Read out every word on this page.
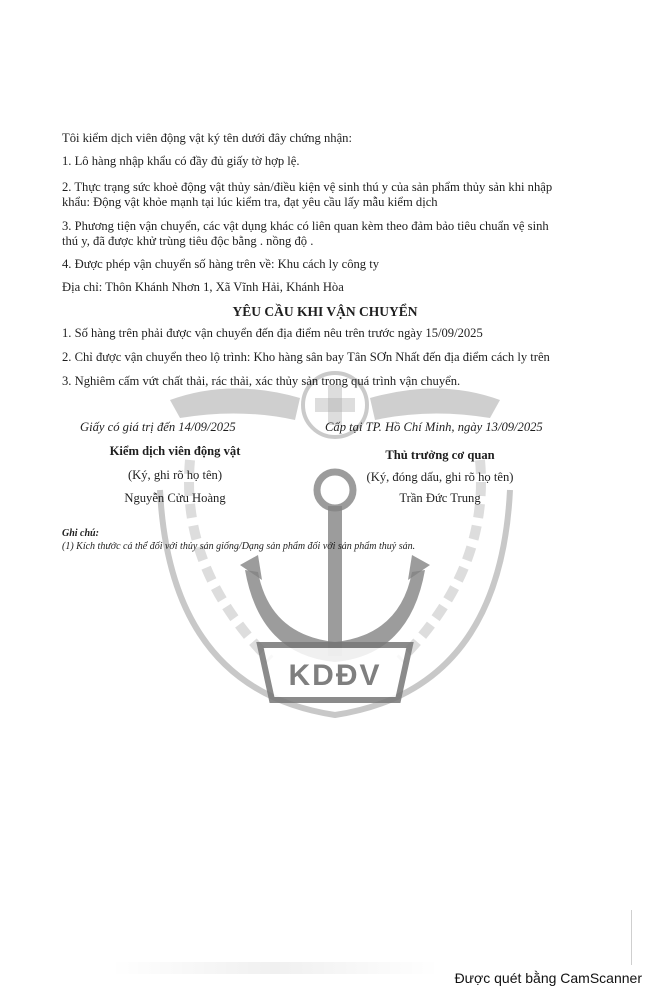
KDĐV
Tôi kiểm dịch viên động vật ký tên dưới đây chứng nhận:
1. Lô hàng nhập khẩu có đầy đủ giấy tờ hợp lệ.
2. Thực trạng sức khoẻ động vật thủy sản/điều kiện vệ sinh thú y của sản phẩm thủy sản khi nhập
khẩu: Động vật khỏe mạnh tại lúc kiểm tra, đạt yêu cầu lấy mẫu kiểm dịch
3. Phương tiện vận chuyển, các vật dụng khác có liên quan kèm theo đảm bảo tiêu chuẩn vệ sinh
thú y, đã được khử trùng tiêu độc bằng . nồng độ .
4. Được phép vận chuyển số hàng trên về: Khu cách ly công ty
Địa chỉ: Thôn Khánh Nhơn 1, Xã Vĩnh Hải, Khánh Hòa
YÊU CẦU KHI VẬN CHUYỂN
1. Số hàng trên phải được vận chuyển đến địa điểm nêu trên trước ngày 15/09/2025
2. Chỉ được vận chuyển theo lộ trình: Kho hàng sân bay Tân SƠn Nhất đến địa điểm cách ly trên
3. Nghiêm cấm vứt chất thải, rác thải, xác thủy sản trong quá trình vận chuyển.
Giấy có giá trị đến 14/09/2025	Cấp tại TP. Hồ Chí Minh, ngày 13/09/2025
Kiểm dịch viên động vật
(Ký, ghi rõ họ tên)
Nguyễn Cửu Hoàng
Thủ trưởng cơ quan
(Ký, đóng dấu, ghi rõ họ tên)
Trần Đức Trung
Ghi chú:
(1) Kích thước cá thể đối với thủy sản giống/Dạng sản phẩm đối với sản phẩm thuỷ sản.
Được quét bằng CamScanner
